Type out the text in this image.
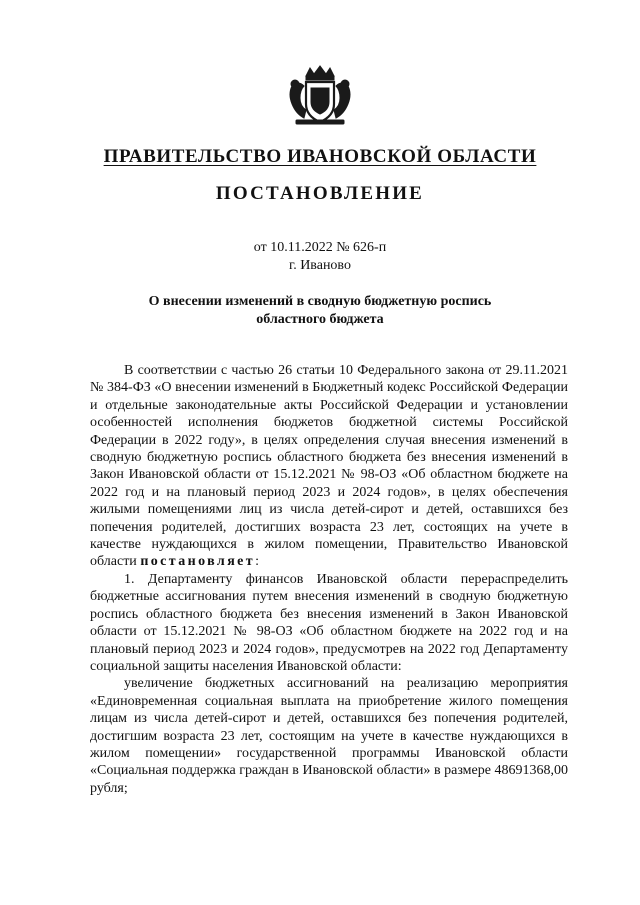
ПРАВИТЕЛЬСТВО ИВАНОВСКОЙ ОБЛАСТИ
ПОСТАНОВЛЕНИЕ
от 10.11.2022 № 626-п
г. Иваново
О внесении изменений в сводную бюджетную роспись
областного бюджета

В соответствии с частью 26 статьи 10 Федерального закона от 29.11.2021 № 384-ФЗ «О внесении изменений в Бюджетный кодекс Российской Федерации и отдельные законодательные акты Российской Федерации и установлении особенностей исполнения бюджетов бюджетной системы Российской Федерации в 2022 году», в целях определения случая внесения изменений в сводную бюджетную роспись областного бюджета без внесения изменений в Закон Ивановской области от 15.12.2021 № 98-ОЗ «Об областном бюджете на 2022 год и на плановый период 2023 и 2024 годов», в целях обеспечения жилыми помещениями лиц из числа детей-сирот и детей, оставшихся без попечения родителей, достигших возраста 23 лет, состоящих на учете в качестве нуждающихся в жилом помещении, Правительство Ивановской области постановляет:

1. Департаменту финансов Ивановской области перераспределить бюджетные ассигнования путем внесения изменений в сводную бюджетную роспись областного бюджета без внесения изменений в Закон Ивановской области от 15.12.2021 № 98-ОЗ «Об областном бюджете на 2022 год и на плановый период 2023 и 2024 годов», предусмотрев на 2022 год Департаменту социальной защиты населения Ивановской области:

увеличение бюджетных ассигнований на реализацию мероприятия «Единовременная социальная выплата на приобретение жилого помещения лицам из числа детей-сирот и детей, оставшихся без попечения родителей, достигшим возраста 23 лет, состоящим на учете в качестве нуждающихся в жилом помещении» государственной программы Ивановской области «Социальная поддержка граждан в Ивановской области» в размере 48691368,00 рубля;
